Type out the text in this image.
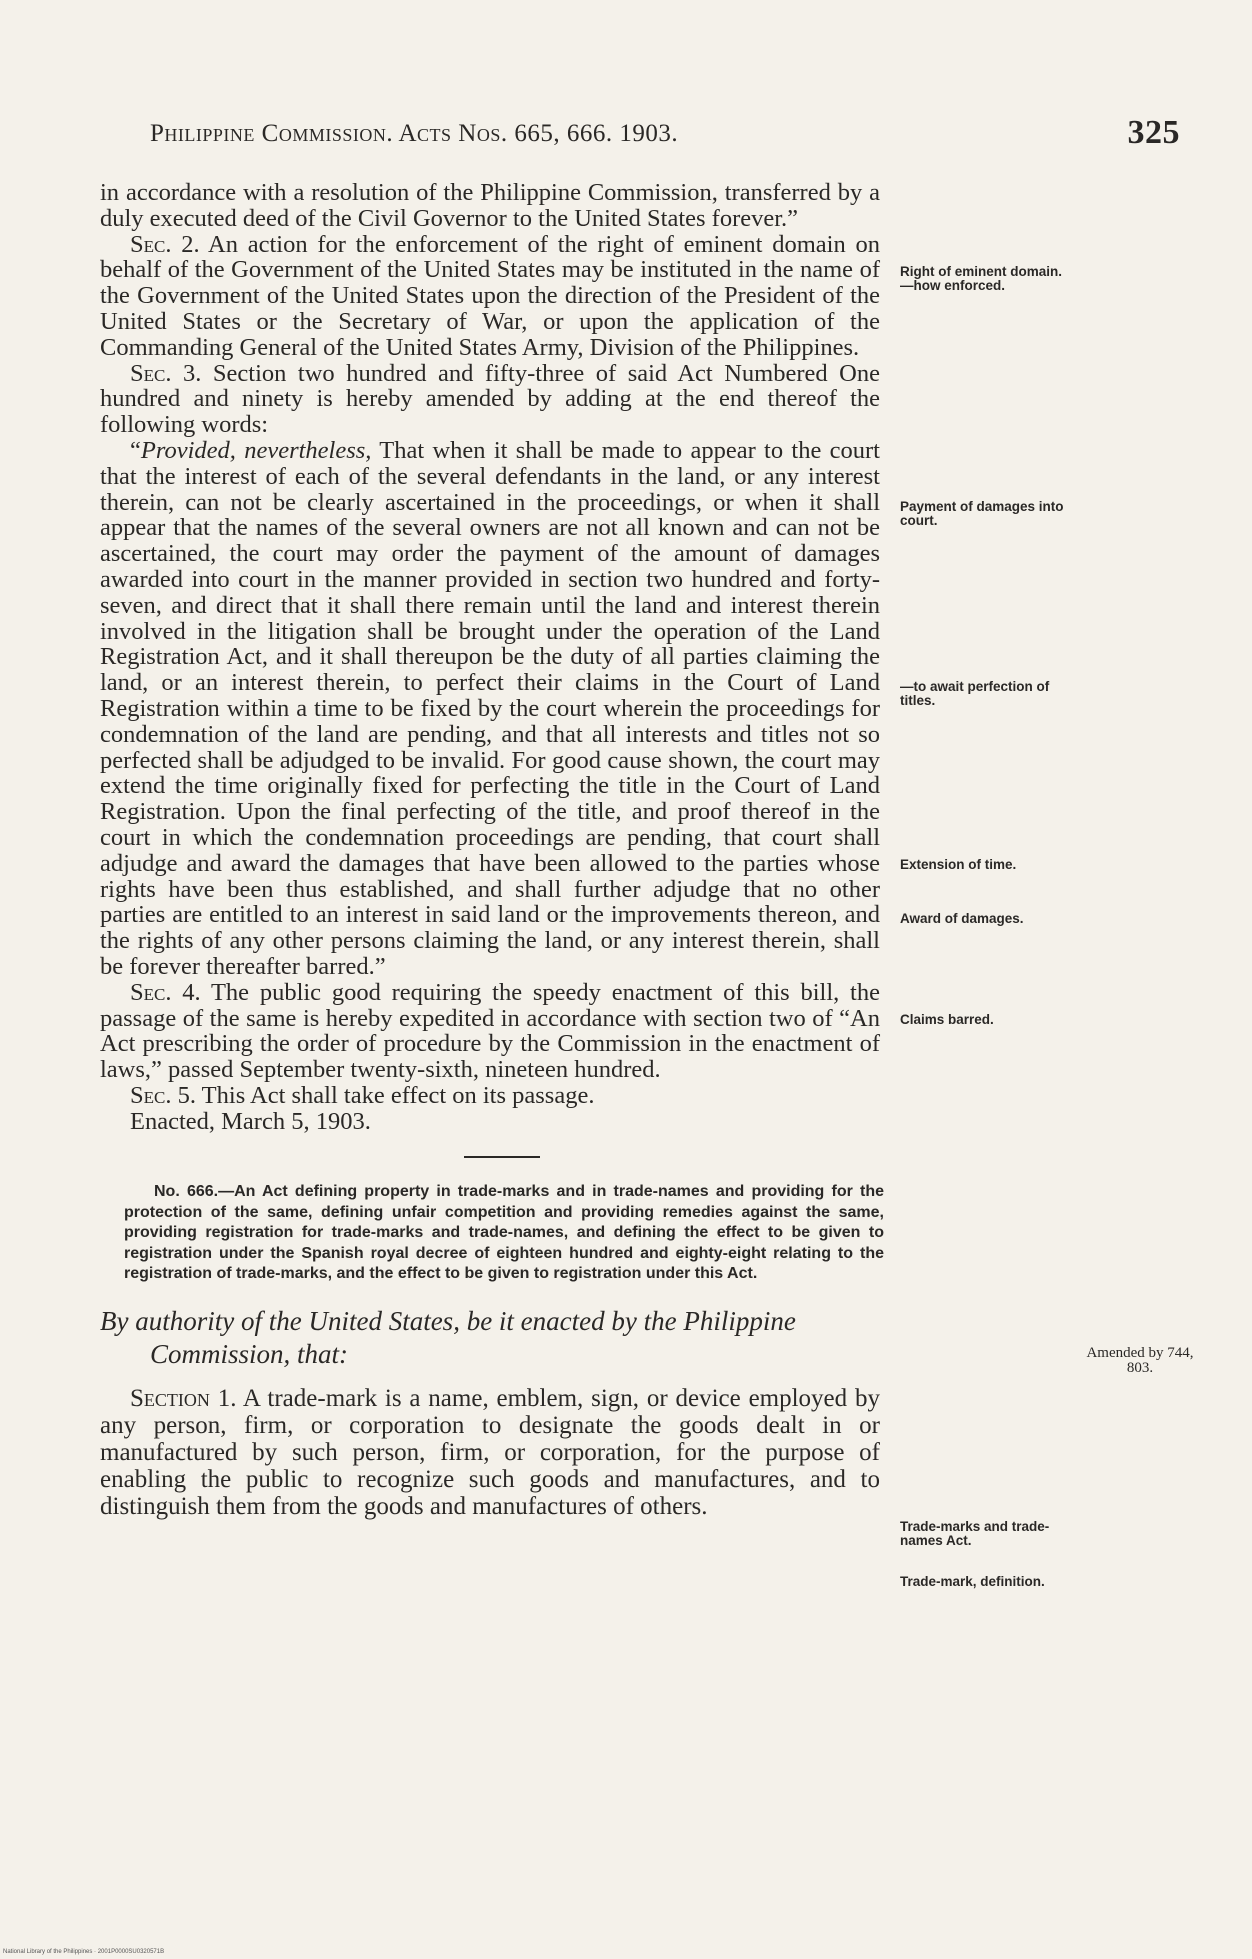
Philippine Commission. Acts Nos. 665, 666. 1903.	325

in accordance with a resolution of the Philippine Commission, transferred by a duly executed deed of the Civil Governor to the United States forever.”

Sec. 2. An action for the enforcement of the right of eminent domain on behalf of the Government of the United States may be instituted in the name of the Government of the United States upon the direction of the President of the United States or the Secretary of War, or upon the application of the Commanding General of the United States Army, Division of the Philippines.

Sec. 3. Section two hundred and fifty-three of said Act Numbered One hundred and ninety is hereby amended by adding at the end thereof the following words:

“Provided, nevertheless, That when it shall be made to appear to the court that the interest of each of the several defendants in the land, or any interest therein, can not be clearly ascertained in the proceedings, or when it shall appear that the names of the several owners are not all known and can not be ascertained, the court may order the payment of the amount of damages awarded into court in the manner provided in section two hundred and forty-seven, and direct that it shall there remain until the land and interest therein involved in the litigation shall be brought under the operation of the Land Registration Act, and it shall thereupon be the duty of all parties claiming the land, or an interest therein, to perfect their claims in the Court of Land Registration within a time to be fixed by the court wherein the proceedings for condemnation of the land are pending, and that all interests and titles not so perfected shall be adjudged to be invalid. For good cause shown, the court may extend the time originally fixed for perfecting the title in the Court of Land Registration. Upon the final perfecting of the title, and proof thereof in the court in which the condemnation proceedings are pending, that court shall adjudge and award the damages that have been allowed to the parties whose rights have been thus established, and shall further adjudge that no other parties are entitled to an interest in said land or the improvements thereon, and the rights of any other persons claiming the land, or any interest therein, shall be forever thereafter barred.”

Sec. 4. The public good requiring the speedy enactment of this bill, the passage of the same is hereby expedited in accordance with section two of “An Act prescribing the order of procedure by the Commission in the enactment of laws,” passed September twenty-sixth, nineteen hundred.

Sec. 5. This Act shall take effect on its passage.

Enacted, March 5, 1903.

No. 666.—An Act defining property in trade-marks and in trade-names and providing for the protection of the same, defining unfair competition and providing remedies against the same, providing registration for trade-marks and trade-names, and defining the effect to be given to registration under the Spanish royal decree of eighteen hundred and eighty-eight relating to the registration of trade-marks, and the effect to be given to registration under this Act.

By authority of the United States, be it enacted by the Philippine
Commission, that:

Section 1. A trade-mark is a name, emblem, sign, or device employed by any person, firm, or corporation to designate the goods dealt in or manufactured by such person, firm, or corporation, for the purpose of enabling the public to recognize such goods and manufactures, and to distinguish them from the goods and manufactures of others.

Right of eminent domain.
—how enforced.
Payment of damages into court.
—to await perfection of titles.
Extension of time.
Award of damages.
Claims barred.
Amended by 744, 803.
Trade-marks and trade-names Act.
Trade-mark, definition.
National Library of the Philippines · 2001P0000SU0320571B
